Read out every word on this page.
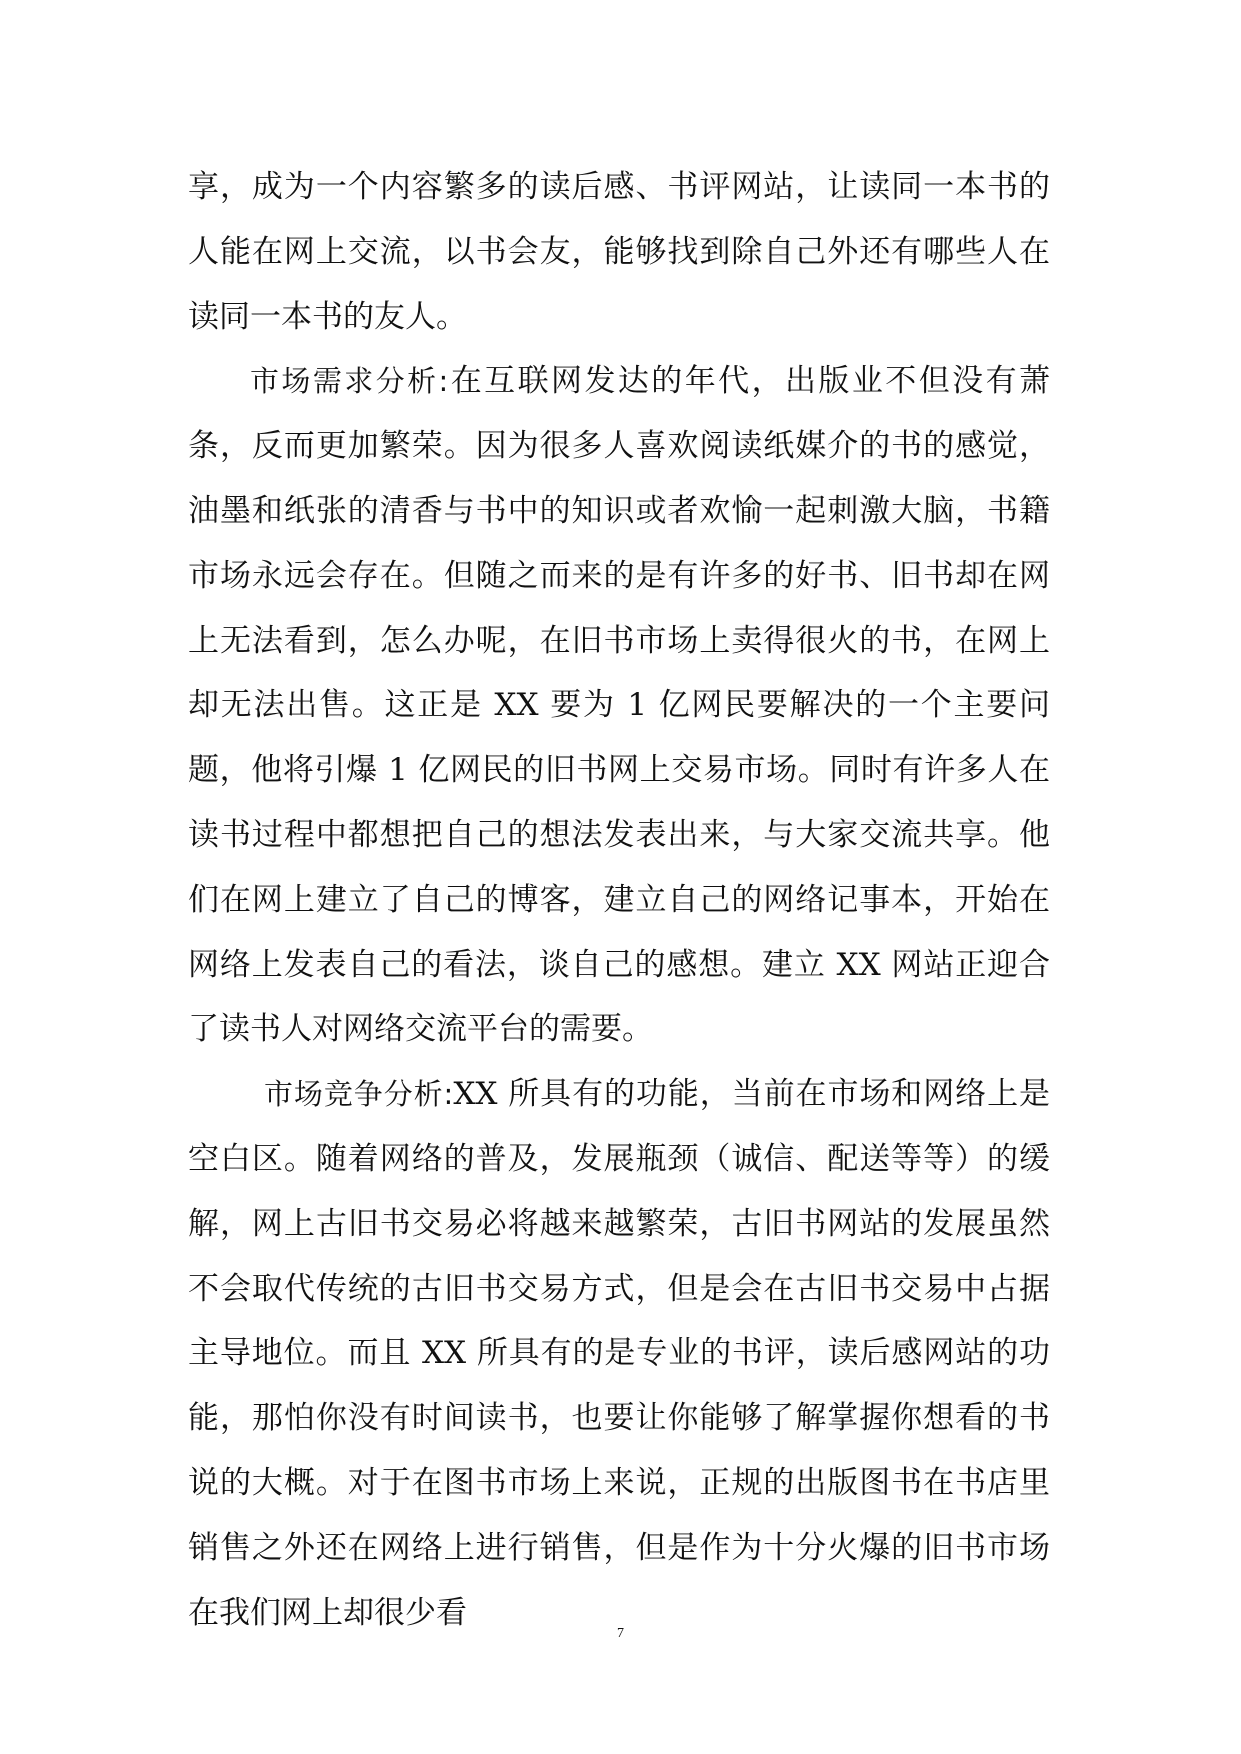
享，成为一个内容繁多的读后感、书评网站，让读同一本书的人能在网上交流，以书会友，能够找到除自己外还有哪些人在读同一本书的友人。

市场需求分析:在互联网发达的年代，出版业不但没有萧条，反而更加繁荣。因为很多人喜欢阅读纸媒介的书的感觉，油墨和纸张的清香与书中的知识或者欢愉一起刺激大脑，书籍市场永远会存在。但随之而来的是有许多的好书、旧书却在网上无法看到，怎么办呢，在旧书市场上卖得很火的书，在网上却无法出售。这正是 XX 要为 1 亿网民要解决的一个主要问题，他将引爆 1 亿网民的旧书网上交易市场。同时有许多人在读书过程中都想把自己的想法发表出来，与大家交流共享。他们在网上建立了自己的博客，建立自己的网络记事本，开始在网络上发表自己的看法，谈自己的感想。建立 XX 网站正迎合了读书人对网络交流平台的需要。

市场竞争分析:XX 所具有的功能，当前在市场和网络上是空白区。随着网络的普及，发展瓶颈（诚信、配送等等）的缓解，网上古旧书交易必将越来越繁荣，古旧书网站的发展虽然不会取代传统的古旧书交易方式，但是会在古旧书交易中占据主导地位。而且 XX 所具有的是专业的书评，读后感网站的功能，那怕你没有时间读书，也要让你能够了解掌握你想看的书说的大概。对于在图书市场上来说，正规的出版图书在书店里销售之外还在网络上进行销售，但是作为十分火爆的旧书市场在我们网上却很少看

7
